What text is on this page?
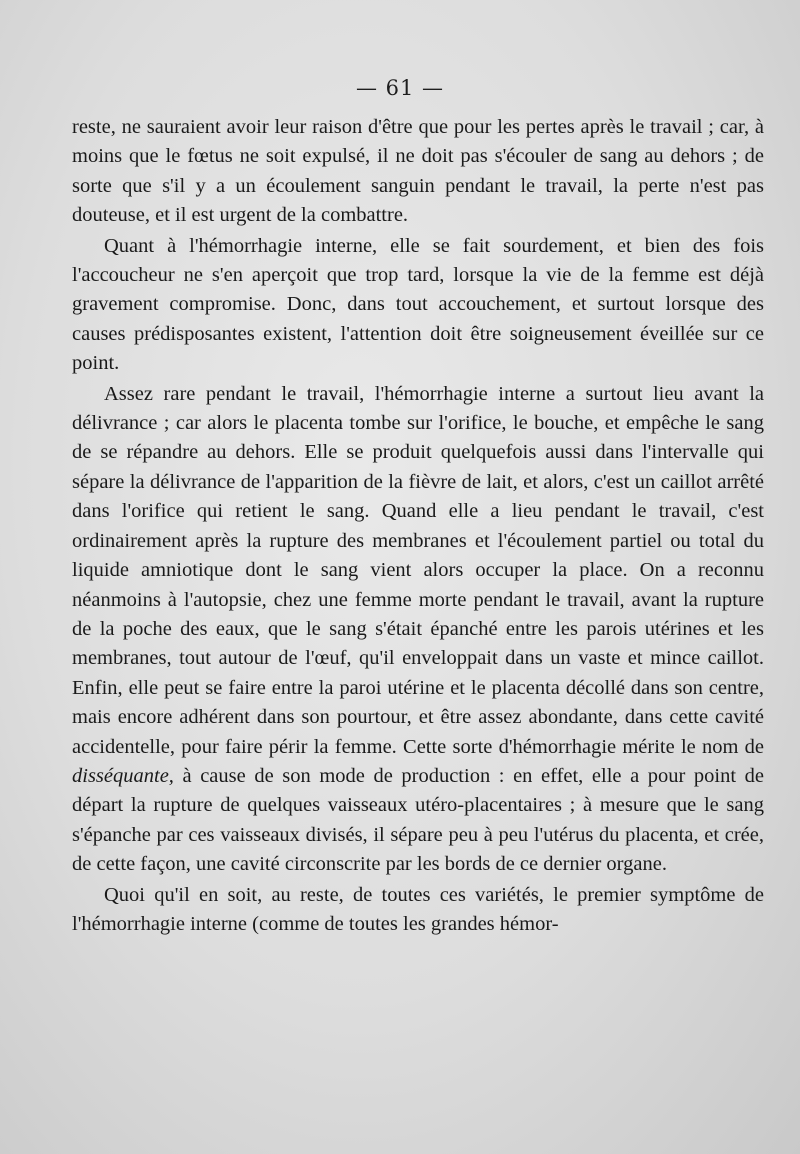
— 61 —

reste, ne sauraient avoir leur raison d'être que pour les pertes après le travail ; car, à moins que le fœtus ne soit expulsé, il ne doit pas s'écouler de sang au dehors ; de sorte que s'il y a un écoulement sanguin pendant le travail, la perte n'est pas douteuse, et il est urgent de la combattre.

Quant à l'hémorrhagie interne, elle se fait sourdement, et bien des fois l'accoucheur ne s'en aperçoit que trop tard, lorsque la vie de la femme est déjà gravement compromise. Donc, dans tout accouchement, et surtout lorsque des causes prédisposantes existent, l'attention doit être soigneusement éveillée sur ce point.

Assez rare pendant le travail, l'hémorrhagie interne a surtout lieu avant la délivrance ; car alors le placenta tombe sur l'orifice, le bouche, et empêche le sang de se répandre au dehors. Elle se produit quelquefois aussi dans l'intervalle qui sépare la délivrance de l'apparition de la fièvre de lait, et alors, c'est un caillot arrêté dans l'orifice qui retient le sang. Quand elle a lieu pendant le travail, c'est ordinairement après la rupture des membranes et l'écoulement partiel ou total du liquide amniotique dont le sang vient alors occuper la place. On a reconnu néanmoins à l'autopsie, chez une femme morte pendant le travail, avant la rupture de la poche des eaux, que le sang s'était épanché entre les parois utérines et les membranes, tout autour de l'œuf, qu'il enveloppait dans un vaste et mince caillot. Enfin, elle peut se faire entre la paroi utérine et le placenta décollé dans son centre, mais encore adhérent dans son pourtour, et être assez abondante, dans cette cavité accidentelle, pour faire périr la femme. Cette sorte d'hémorrhagie mérite le nom de disséquante, à cause de son mode de production : en effet, elle a pour point de départ la rupture de quelques vaisseaux utéro-placentaires ; à mesure que le sang s'épanche par ces vaisseaux divisés, il sépare peu à peu l'utérus du placenta, et crée, de cette façon, une cavité circonscrite par les bords de ce dernier organe.

Quoi qu'il en soit, au reste, de toutes ces variétés, le premier symptôme de l'hémorrhagie interne (comme de toutes les grandes hémor-
